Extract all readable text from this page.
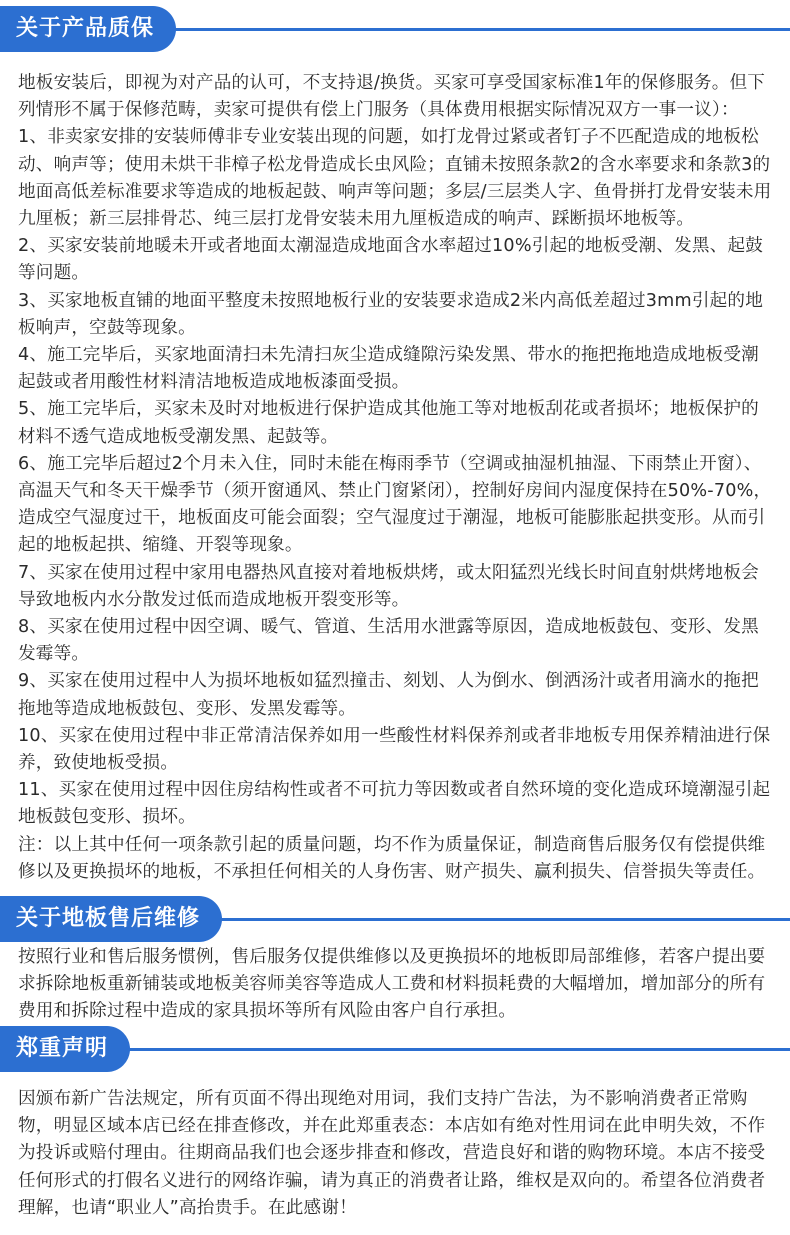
关于产品质保

地板安装后，即视为对产品的认可，不支持退/换货。买家可享受国家标准1年的保修服务。但下列情形不属于保修范畴，卖家可提供有偿上门服务（具体费用根据实际情况双方一事一议）：

1、非卖家安排的安装师傅非专业安装出现的问题，如打龙骨过紧或者钉子不匹配造成的地板松动、响声等；使用未烘干非樟子松龙骨造成长虫风险；直铺未按照条款2的含水率要求和条款3的地面高低差标准要求等造成的地板起鼓、响声等问题；多层/三层类人字、鱼骨拼打龙骨安装未用九厘板；新三层排骨芯、纯三层打龙骨安装未用九厘板造成的响声、踩断损坏地板等。

2、买家安装前地暖未开或者地面太潮湿造成地面含水率超过10%引起的地板受潮、发黑、起鼓等问题。

3、买家地板直铺的地面平整度未按照地板行业的安装要求造成2米内高低差超过3mm引起的地板响声，空鼓等现象。

4、施工完毕后，买家地面清扫未先清扫灰尘造成缝隙污染发黑、带水的拖把拖地造成地板受潮起鼓或者用酸性材料清洁地板造成地板漆面受损。

5、施工完毕后，买家未及时对地板进行保护造成其他施工等对地板刮花或者损坏；地板保护的材料不透气造成地板受潮发黑、起鼓等。

6、施工完毕后超过2个月未入住，同时未能在梅雨季节（空调或抽湿机抽湿、下雨禁止开窗）、高温天气和冬天干燥季节（须开窗通风、禁止门窗紧闭），控制好房间内湿度保持在50%-70%，造成空气湿度过干，地板面皮可能会面裂；空气湿度过于潮湿，地板可能膨胀起拱变形。从而引起的地板起拱、缩缝、开裂等现象。

7、买家在使用过程中家用电器热风直接对着地板烘烤，或太阳猛烈光线长时间直射烘烤地板会导致地板内水分散发过低而造成地板开裂变形等。

8、买家在使用过程中因空调、暖气、管道、生活用水泄露等原因，造成地板鼓包、变形、发黑发霉等。

9、买家在使用过程中人为损坏地板如猛烈撞击、刻划、人为倒水、倒洒汤汁或者用滴水的拖把拖地等造成地板鼓包、变形、发黑发霉等。

10、买家在使用过程中非正常清洁保养如用一些酸性材料保养剂或者非地板专用保养精油进行保养，致使地板受损。

11、买家在使用过程中因住房结构性或者不可抗力等因数或者自然环境的变化造成环境潮湿引起地板鼓包变形、损坏。

注：以上其中任何一项条款引起的质量问题，均不作为质量保证，制造商售后服务仅有偿提供维修以及更换损坏的地板，不承担任何相关的人身伤害、财产损失、赢利损失、信誉损失等责任。

关于地板售后维修

按照行业和售后服务惯例，售后服务仅提供维修以及更换损坏的地板即局部维修，若客户提出要求拆除地板重新铺装或地板美容师美容等造成人工费和材料损耗费的大幅增加，增加部分的所有费用和拆除过程中造成的家具损坏等所有风险由客户自行承担。

郑重声明

因颁布新广告法规定，所有页面不得出现绝对用词，我们支持广告法，为不影响消费者正常购物，明显区域本店已经在排查修改，并在此郑重表态：本店如有绝对性用词在此申明失效，不作为投诉或赔付理由。往期商品我们也会逐步排查和修改，营造良好和谐的购物环境。本店不接受任何形式的打假名义进行的网络诈骗，请为真正的消费者让路，维权是双向的。希望各位消费者理解，也请“职业人”高抬贵手。在此感谢！
